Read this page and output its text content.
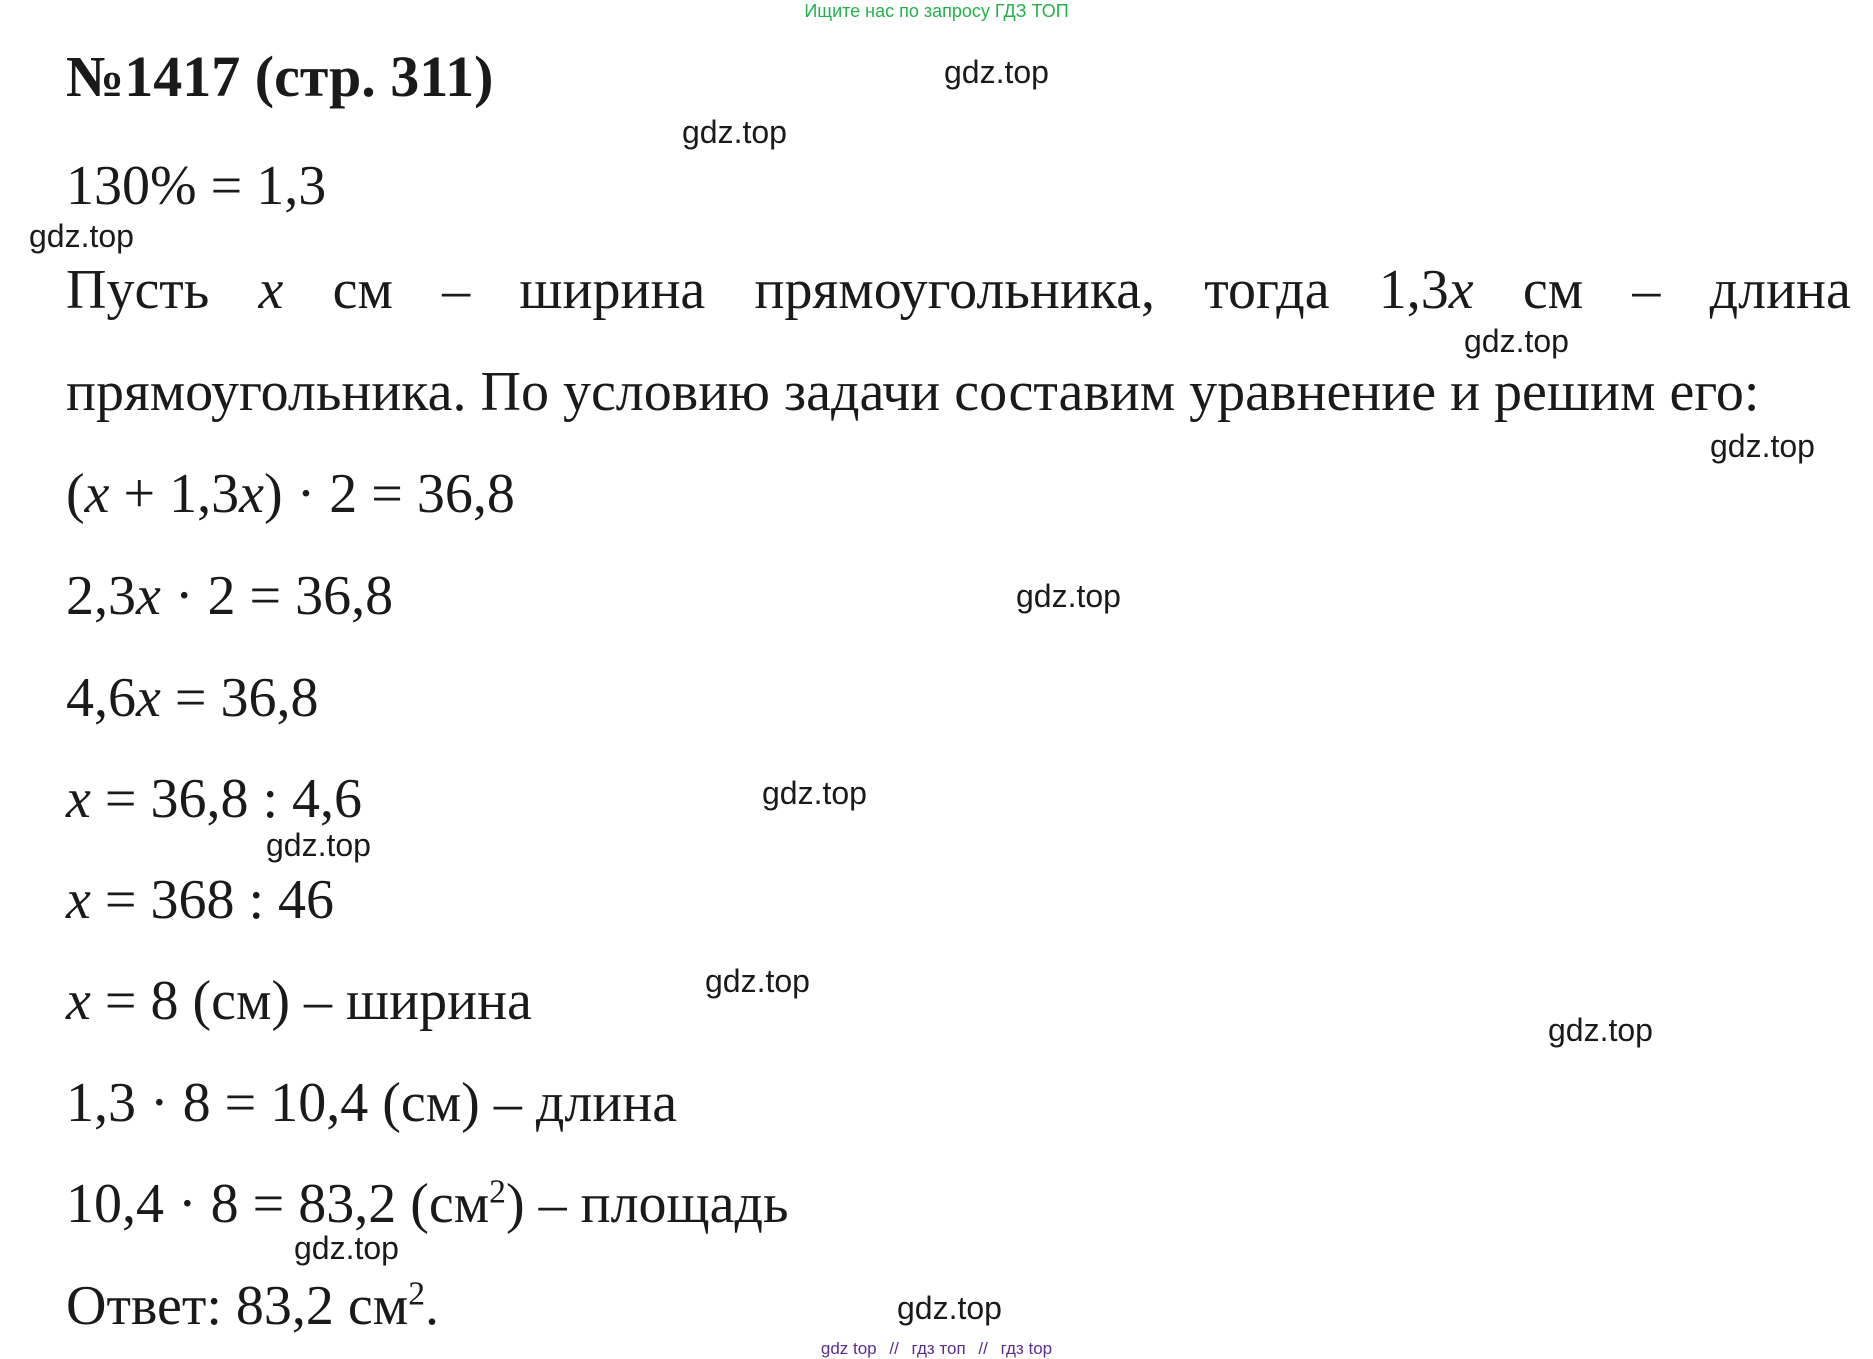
Ищите нас по запросу ГДЗ ТОП
№1417 (стр. 311)
130% = 1,3
Пусть x см – ширина прямоугольника, тогда 1,3x см – длина
прямоугольника. По условию задачи составим уравнение и решим его:
(x + 1,3x) · 2 = 36,8
2,3x · 2 = 36,8
4,6x = 36,8
x = 36,8 : 4,6
x = 368 : 46
x = 8 (см) – ширина
1,3 · 8 = 10,4 (см) – длина
10,4 · 8 = 83,2 $(см^2)$ – площадь
Ответ: 83,2 $см^2$.
gdz.top
gdz.top
gdz.top
gdz.top
gdz.top
gdz.top
gdz.top
gdz.top
gdz.top
gdz.top
gdz.top
gdz.top
gdz top // гдз топ // гдз top
